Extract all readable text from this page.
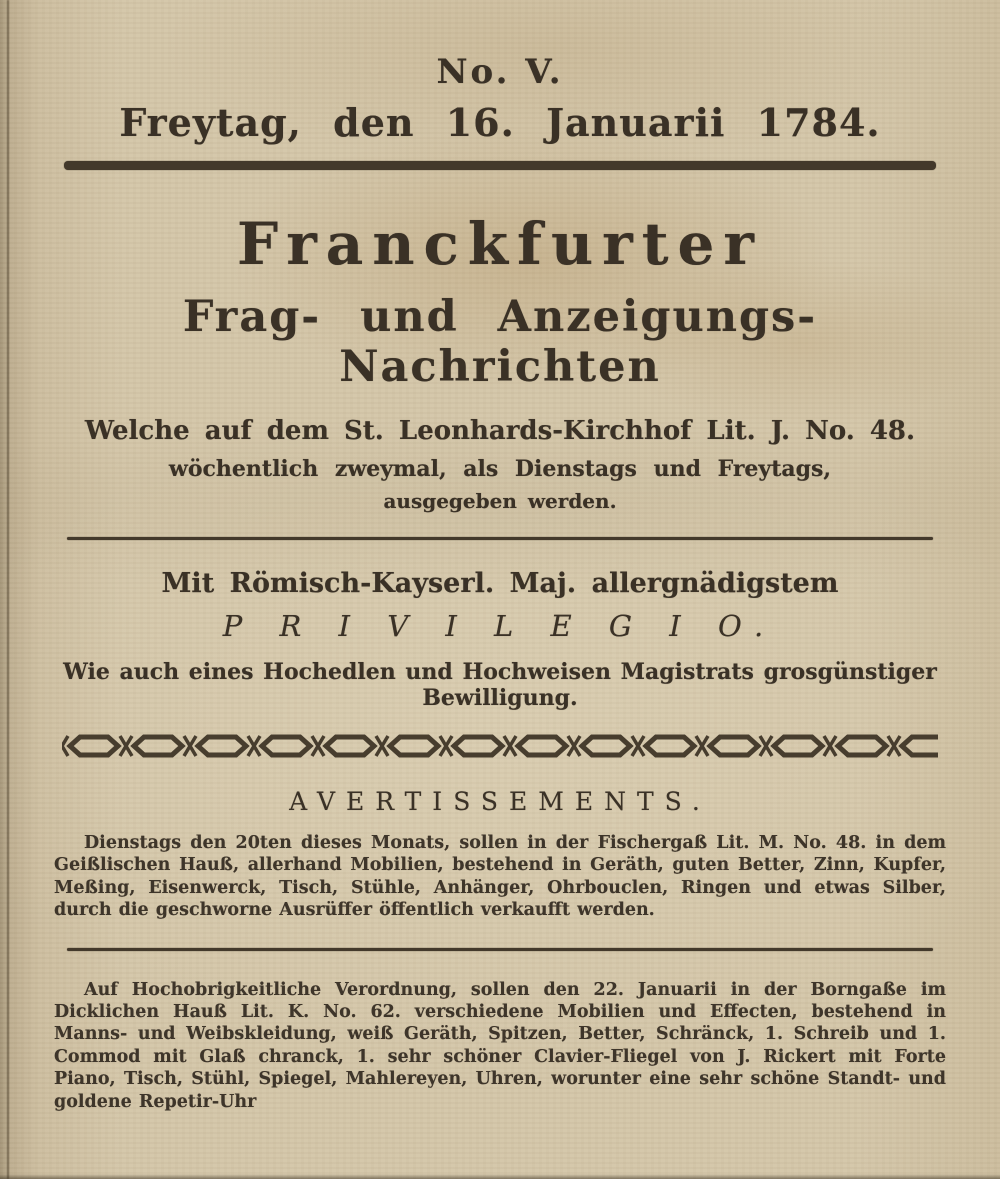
No. V.
Freytag, den 16. Januarii 1784.
Franckfurter
Frag- und Anzeigungs-Nachrichten
Welche auf dem St. Leonhards-Kirchhof Lit. J. No. 48.
wöchentlich zweymal, als Dienstags und Freytags,
ausgegeben werden.
Mit Römisch-Kayserl. Maj. allergnädigstem
P R I V I L E G I O.
Wie auch eines Hochedlen und Hochweisen Magistrats grosgünstiger Bewilligung.
AVERTISSEMENTS.
Dienstags den 20ten dieses Monats, sollen in der Fischergaß Lit. M. No. 48. in dem Geißlischen Hauß, allerhand Mobilien, bestehend in Geräth, guten Better, Zinn, Kupfer, Meßing, Eisenwerck, Tisch, Stühle, Anhänger, Ohrbouclen, Ringen und etwas Silber, durch die geschworne Ausrüffer öffentlich verkaufft werden.
Auf Hochobrigkeitliche Verordnung, sollen den 22. Januarii in der Borngaße im Dicklichen Hauß Lit. K. No. 62. verschiedene Mobilien und Effecten, bestehend in Manns- und Weibskleidung, weiß Geräth, Spitzen, Better, Schränck, 1. Schreib und 1. Commod mit Glaß chranck, 1. sehr schöner Clavier-Fliegel von J. Rickert mit Forte Piano, Tisch, Stühl, Spiegel, Mahlereyen, Uhren, worunter eine sehr schöne Standt- und goldene Repetir-Uhr
